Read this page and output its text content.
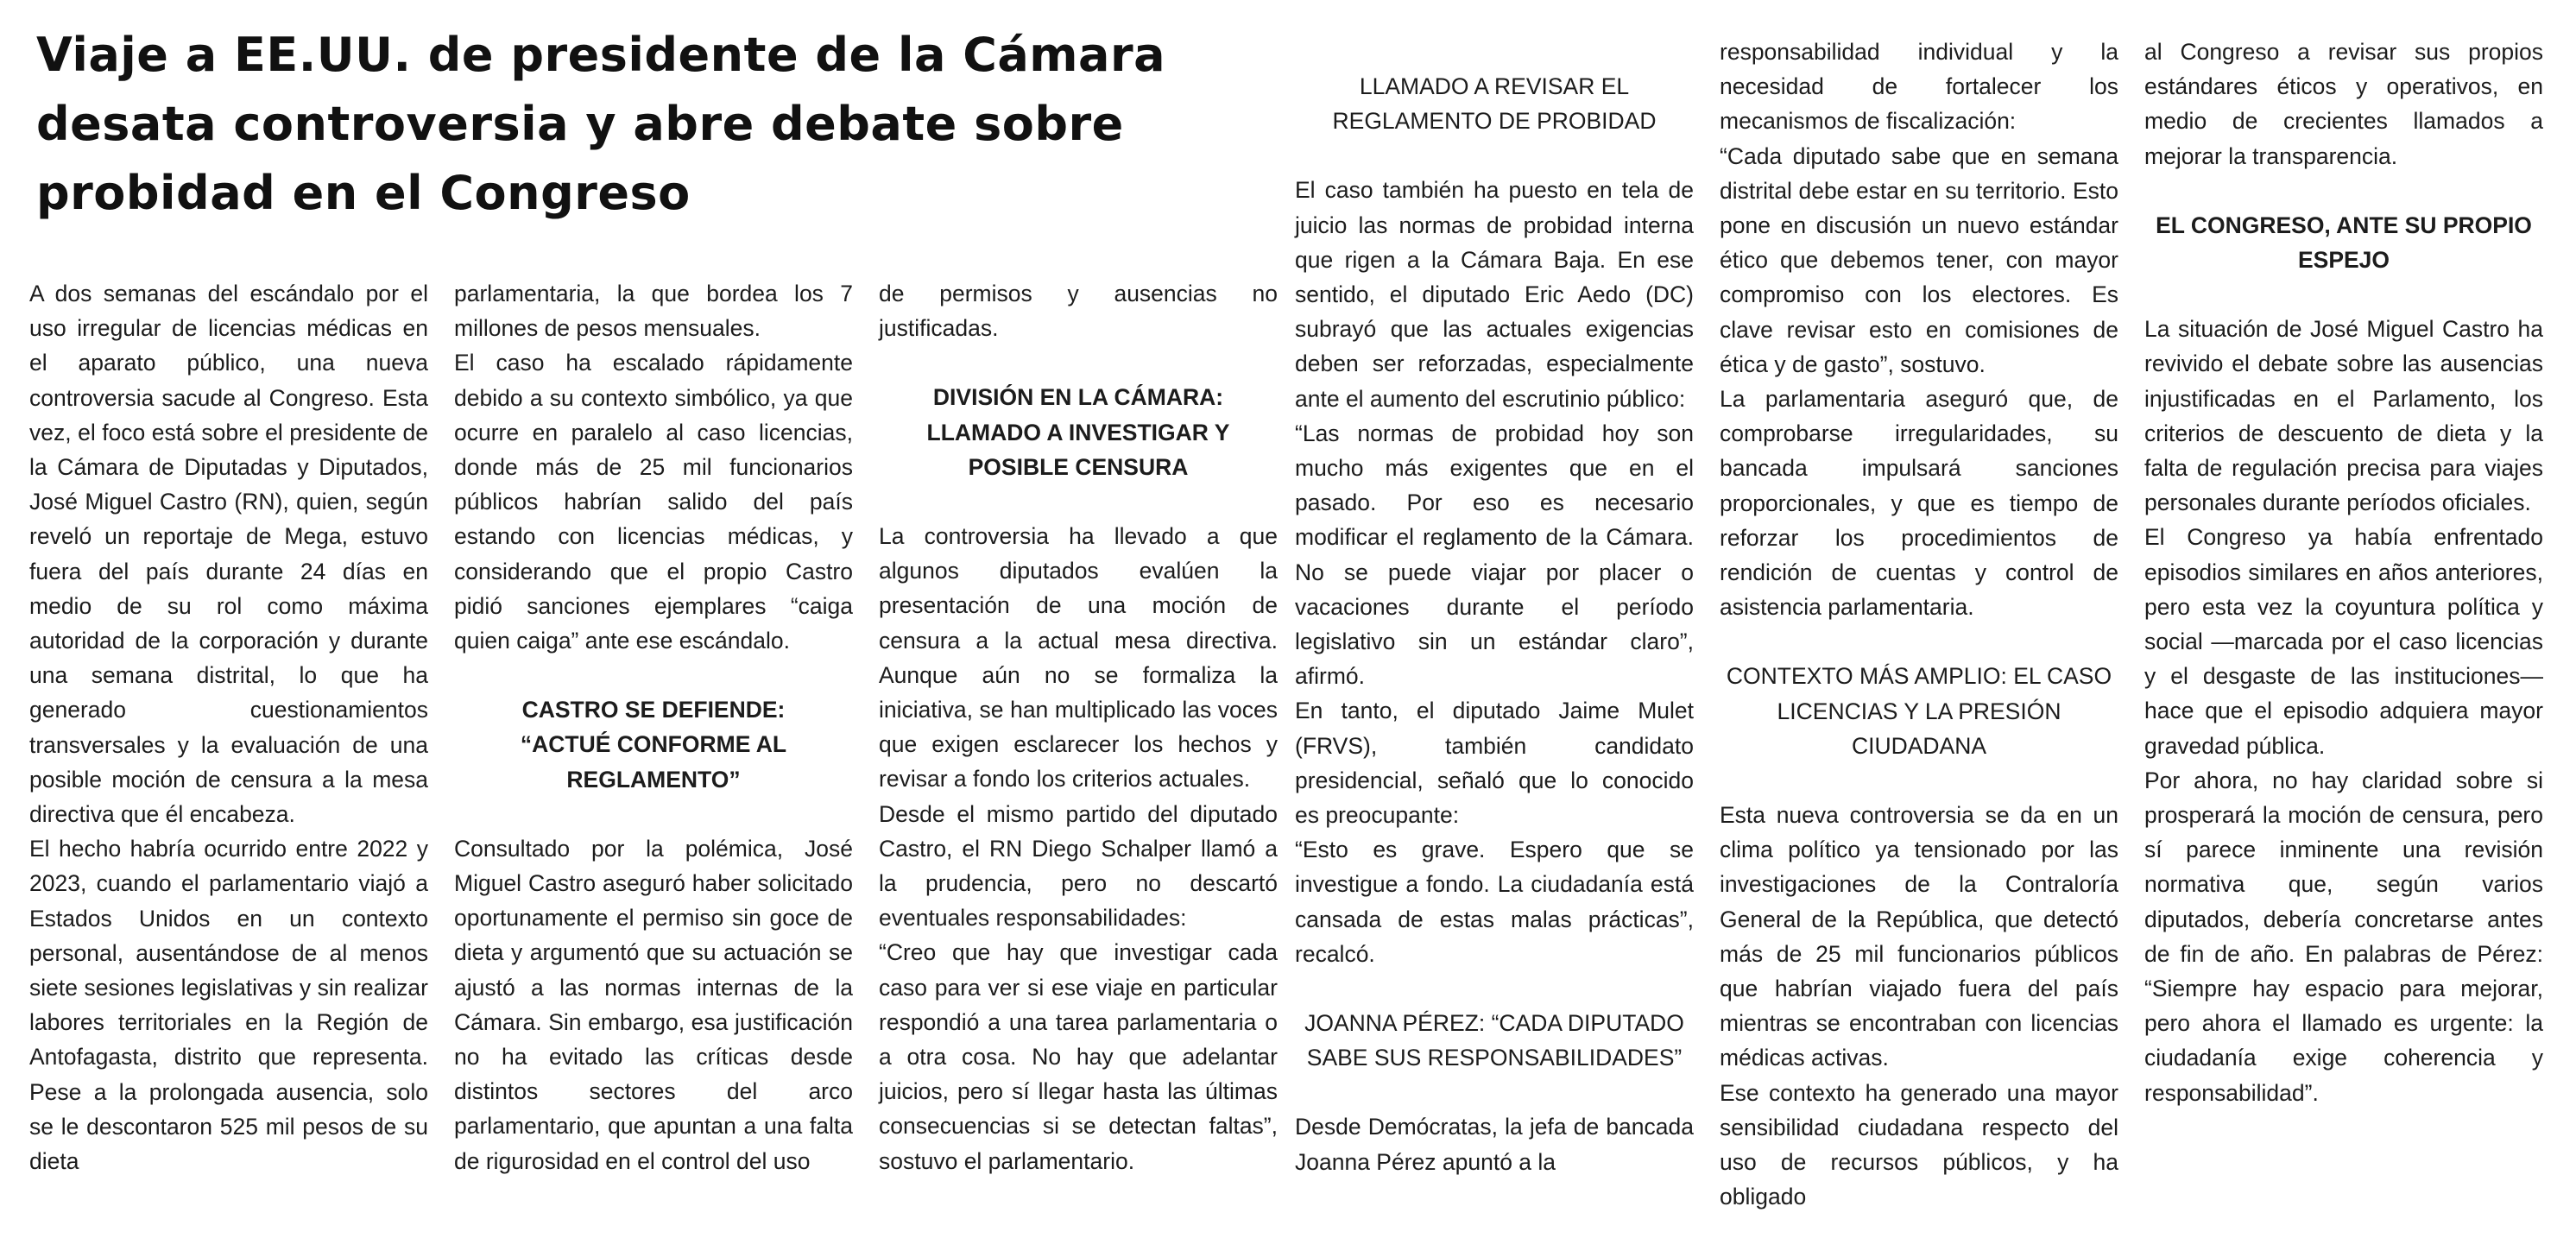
Viaje a EE.UU. de presidente de la Cámara
desata controversia y abre debate sobre
probidad en el Congreso

A dos semanas del escándalo por el uso irregular de licencias médicas en el aparato público, una nueva controversia sacude al Congreso. Esta vez, el foco está sobre el presidente de la Cámara de Diputadas y Diputados, José Miguel Castro (RN), quien, según reveló un reportaje de Mega, estuvo fuera del país durante 24 días en medio de su rol como máxima autoridad de la corporación y durante una semana distrital, lo que ha generado cuestionamientos transversales y la evaluación de una posible moción de censura a la mesa directiva que él encabeza.

El hecho habría ocurrido entre 2022 y 2023, cuando el parlamentario viajó a Estados Unidos en un contexto personal, ausentándose de al menos siete sesiones legislativas y sin realizar labores territoriales en la Región de Antofagasta, distrito que representa. Pese a la prolongada ausencia, solo se le descontaron 525 mil pesos de su dieta

parlamentaria, la que bordea los 7 millones de pesos mensuales.

El caso ha escalado rápidamente debido a su contexto simbólico, ya que ocurre en paralelo al caso licencias, donde más de 25 mil funcionarios públicos habrían salido del país estando con licencias médicas, y considerando que el propio Castro pidió sanciones ejemplares “caiga quien caiga” ante ese escándalo.

CASTRO SE DEFIENDE:
“ACTUÉ CONFORME AL
REGLAMENTO”

Consultado por la polémica, José Miguel Castro aseguró haber solicitado oportunamente el permiso sin goce de dieta y argumentó que su actuación se ajustó a las normas internas de la Cámara. Sin embargo, esa justificación no ha evitado las críticas desde distintos sectores del arco parlamentario, que apuntan a una falta de rigurosidad en el control del uso

de permisos y ausencias no justificadas.

DIVISIÓN EN LA CÁMARA:
LLAMADO A INVESTIGAR Y
POSIBLE CENSURA

La controversia ha llevado a que algunos diputados evalúen la presentación de una moción de censura a la actual mesa directiva. Aunque aún no se formaliza la iniciativa, se han multiplicado las voces que exigen esclarecer los hechos y revisar a fondo los criterios actuales.

Desde el mismo partido del diputado Castro, el RN Diego Schalper llamó a la prudencia, pero no descartó eventuales responsabilidades:

“Creo que hay que investigar cada caso para ver si ese viaje en particular respondió a una tarea parlamentaria o a otra cosa. No hay que adelantar juicios, pero sí llegar hasta las últimas consecuencias si se detectan faltas”, sostuvo el parlamentario.

LLAMADO A REVISAR EL
REGLAMENTO DE PROBIDAD

El caso también ha puesto en tela de juicio las normas de probidad interna que rigen a la Cámara Baja. En ese sentido, el diputado Eric Aedo (DC) subrayó que las actuales exigencias deben ser reforzadas, especialmente ante el aumento del escrutinio público:

“Las normas de probidad hoy son mucho más exigentes que en el pasado. Por eso es necesario modificar el reglamento de la Cámara. No se puede viajar por placer o vacaciones durante el período legislativo sin un estándar claro”, afirmó.

En tanto, el diputado Jaime Mulet (FRVS), también candidato presidencial, señaló que lo conocido es preocupante:

“Esto es grave. Espero que se investigue a fondo. La ciudadanía está cansada de estas malas prácticas”, recalcó.

JOANNA PÉREZ: “CADA DIPUTADO
SABE SUS RESPONSABILIDADES”

Desde Demócratas, la jefa de bancada Joanna Pérez apuntó a la

responsabilidad individual y la necesidad de fortalecer los mecanismos de fiscalización:

“Cada diputado sabe que en semana distrital debe estar en su territorio. Esto pone en discusión un nuevo estándar ético que debemos tener, con mayor compromiso con los electores. Es clave revisar esto en comisiones de ética y de gasto”, sostuvo.

La parlamentaria aseguró que, de comprobarse irregularidades, su bancada impulsará sanciones proporcionales, y que es tiempo de reforzar los procedimientos de rendición de cuentas y control de asistencia parlamentaria.

CONTEXTO MÁS AMPLIO: EL CASO
LICENCIAS Y LA PRESIÓN CIUDADANA

Esta nueva controversia se da en un clima político ya tensionado por las investigaciones de la Contraloría General de la República, que detectó más de 25 mil funcionarios públicos que habrían viajado fuera del país mientras se encontraban con licencias médicas activas.

Ese contexto ha generado una mayor sensibilidad ciudadana respecto del uso de recursos públicos, y ha obligado

al Congreso a revisar sus propios estándares éticos y operativos, en medio de crecientes llamados a mejorar la transparencia.

EL CONGRESO, ANTE SU PROPIO
ESPEJO

La situación de José Miguel Castro ha revivido el debate sobre las ausencias injustificadas en el Parlamento, los criterios de descuento de dieta y la falta de regulación precisa para viajes personales durante períodos oficiales.

El Congreso ya había enfrentado episodios similares en años anteriores, pero esta vez la coyuntura política y social —marcada por el caso licencias y el desgaste de las instituciones— hace que el episodio adquiera mayor gravedad pública.

Por ahora, no hay claridad sobre si prosperará la moción de censura, pero sí parece inminente una revisión normativa que, según varios diputados, debería concretarse antes de fin de año. En palabras de Pérez: “Siempre hay espacio para mejorar, pero ahora el llamado es urgente: la ciudadanía exige coherencia y responsabilidad”.
